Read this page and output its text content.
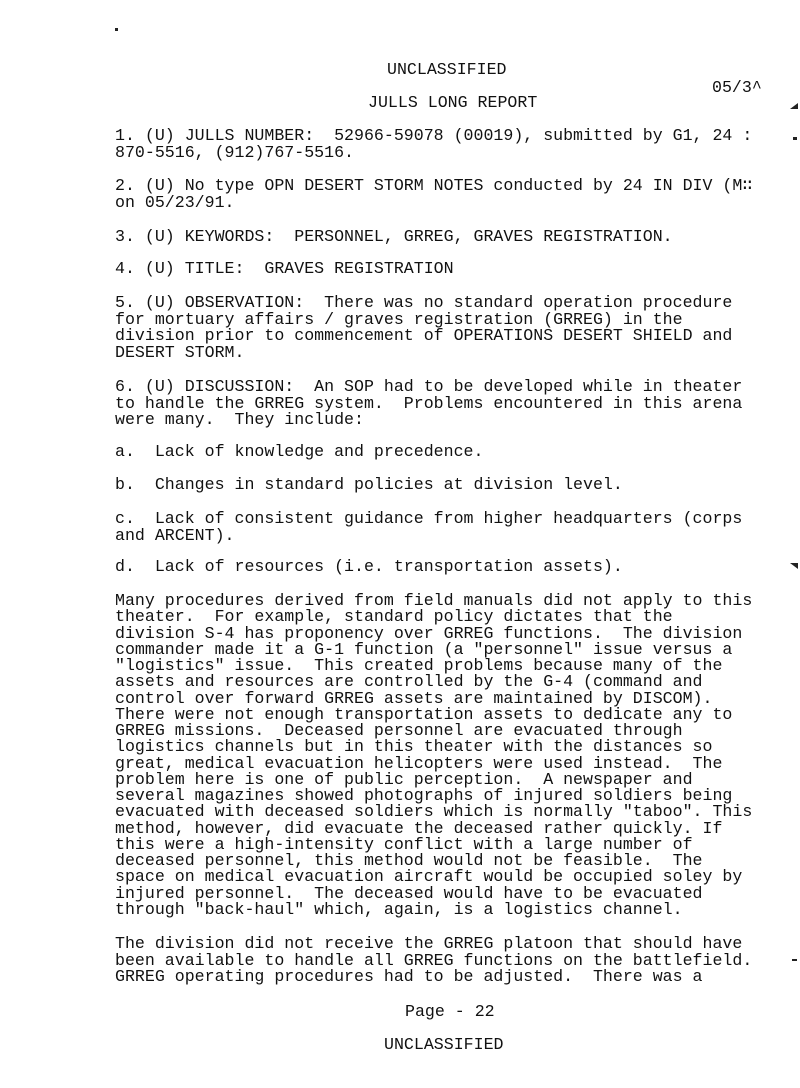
UNCLASSIFIED
05/3^
JULLS LONG REPORT
1. (U) JULLS NUMBER:  52966-59078 (00019), submitted by G1, 24 :
870-5516, (912)767-5516.
2. (U) No type OPN DESERT STORM NOTES conducted by 24 IN DIV (M∷
on 05/23/91.
3. (U) KEYWORDS:  PERSONNEL, GRREG, GRAVES REGISTRATION.
4. (U) TITLE:  GRAVES REGISTRATION
5. (U) OBSERVATION:  There was no standard operation procedure
for mortuary affairs / graves registration (GRREG) in the
division prior to commencement of OPERATIONS DESERT SHIELD and
DESERT STORM.
6. (U) DISCUSSION:  An SOP had to be developed while in theater
to handle the GRREG system.  Problems encountered in this arena
were many.  They include:
a.  Lack of knowledge and precedence.
b.  Changes in standard policies at division level.
c.  Lack of consistent guidance from higher headquarters (corps
and ARCENT).
d.  Lack of resources (i.e. transportation assets).
Many procedures derived from field manuals did not apply to this
theater.  For example, standard policy dictates that the
division S-4 has proponency over GRREG functions.  The division
commander made it a G-1 function (a "personnel" issue versus a
"logistics" issue.  This created problems because many of the
assets and resources are controlled by the G-4 (command and
control over forward GRREG assets are maintained by DISCOM).
There were not enough transportation assets to dedicate any to
GRREG missions.  Deceased personnel are evacuated through
logistics channels but in this theater with the distances so
great, medical evacuation helicopters were used instead.  The
problem here is one of public perception.  A newspaper and
several magazines showed photographs of injured soldiers being
evacuated with deceased soldiers which is normally "taboo". This
method, however, did evacuate the deceased rather quickly. If
this were a high-intensity conflict with a large number of
deceased personnel, this method would not be feasible.  The
space on medical evacuation aircraft would be occupied soley by
injured personnel.  The deceased would have to be evacuated
through "back-haul" which, again, is a logistics channel.
The division did not receive the GRREG platoon that should have
been available to handle all GRREG functions on the battlefield.
GRREG operating procedures had to be adjusted.  There was a
Page - 22
UNCLASSIFIED
